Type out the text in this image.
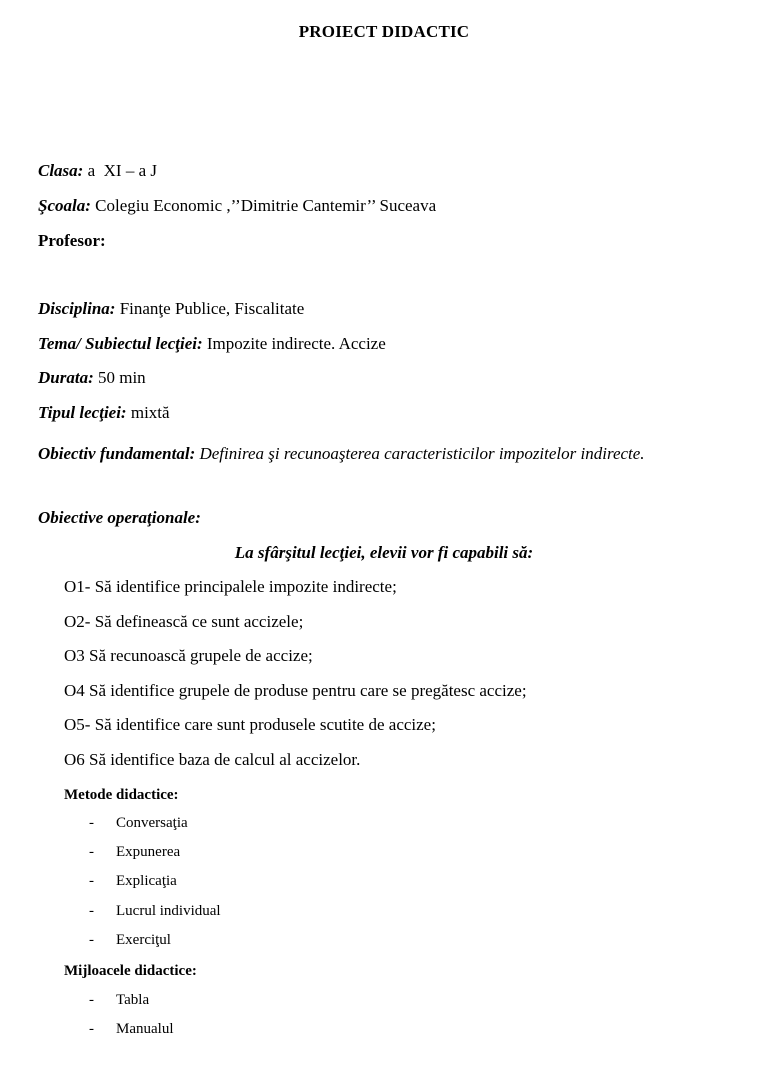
PROIECT DIDACTIC
Clasa: a  XI – a J
Şcoala: Colegiu Economic ,’’Dimitrie Cantemir’’ Suceava
Profesor:
Disciplina: Finanţe Publice, Fiscalitate
Tema/ Subiectul lecţiei: Impozite indirecte. Accize
Durata: 50 min
Tipul lecţiei: mixtă
Obiectiv fundamental: Definirea şi recunoaşterea caracteristicilor impozitelor indirecte.
Obiective operaţionale:
La sfârşitul lecţiei, elevii vor fi capabili să:
O1- Să identifice principalele impozite indirecte;
O2- Să definească ce sunt accizele;
O3 Să recunoască grupele de accize;
O4 Să identifice grupele de produse pentru care se pregătesc accize;
O5- Să identifice care sunt produsele scutite de accize;
O6 Să identifice baza de calcul al accizelor.
Metode didactice:
- Conversaţia
- Expunerea
- Explicaţia
- Lucrul individual
- Exerciţul
Mijloacele didactice:
- Tabla
- Manualul
